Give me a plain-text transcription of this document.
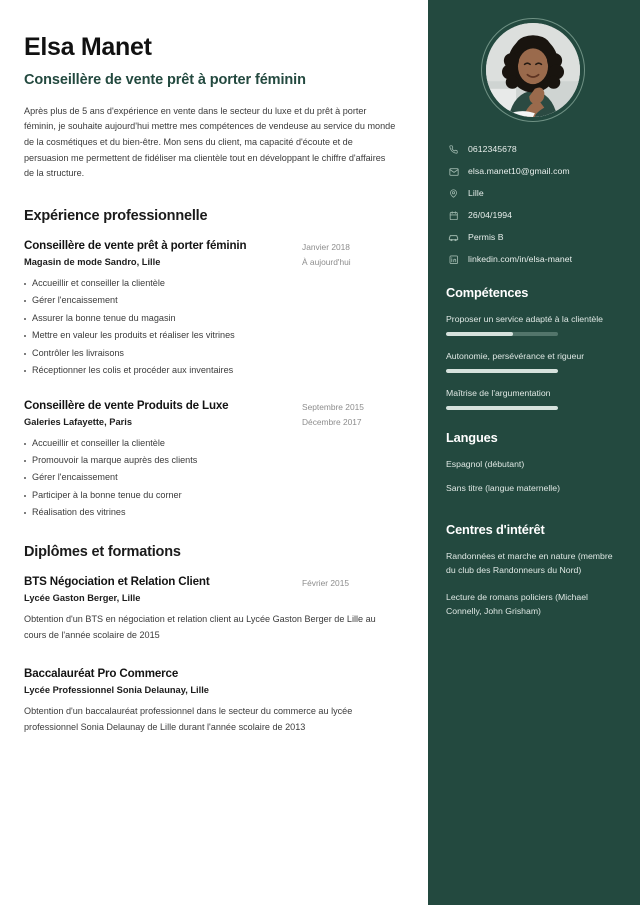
Elsa Manet
Conseillère de vente prêt à porter féminin

Après plus de 5 ans d'expérience en vente dans le secteur du luxe et du prêt à porter féminin, je souhaite aujourd'hui mettre mes compétences de vendeuse au service du monde de la cosmétiques et du bien-être. Mon sens du client, ma capacité d'écoute et de persuasion me permettent de fidéliser ma clientèle tout en développant le chiffre d'affaires de la structure.

Expérience professionnelle
Conseillère de vente prêt à porter féminin
Magasin de mode Sandro, Lille
Janvier 2018
À aujourd'hui
Accueillir et conseiller la clientèle
Gérer l'encaissement
Assurer la bonne tenue du magasin
Mettre en valeur les produits et réaliser les vitrines
Contrôler les livraisons
Réceptionner les colis et procéder aux inventaires
Conseillère de vente Produits de Luxe
Galeries Lafayette, Paris
Septembre 2015
Décembre 2017
Accueillir et conseiller la clientèle
Promouvoir la marque auprès des clients
Gérer l'encaissement
Participer à la bonne tenue du corner
Réalisation des vitrines
Diplômes et formations
BTS Négociation et Relation Client
Lycée Gaston Berger, Lille
Février 2015

Obtention d'un BTS en négociation et relation client au Lycée Gaston Berger de Lille au cours de l'année scolaire de 2015

Baccalauréat Pro Commerce
Lycée Professionnel Sonia Delaunay, Lille

Obtention d'un baccalauréat professionnel dans le secteur du commerce au lycée professionnel Sonia Delaunay de Lille durant l'année scolaire de 2013

0612345678
elsa.manet10@gmail.com
Lille
26/04/1994
Permis B
linkedin.com/in/elsa-manet
Compétences
Proposer un service adapté à la clientèle
Autonomie, persévérance et rigueur
Maîtrise de l'argumentation
Langues
Espagnol (débutant)
Sans titre (langue maternelle)
Centres d'intérêt
Randonnées et marche en nature (membre du club des Randonneurs du Nord)
Lecture de romans policiers (Michael Connelly, John Grisham)
